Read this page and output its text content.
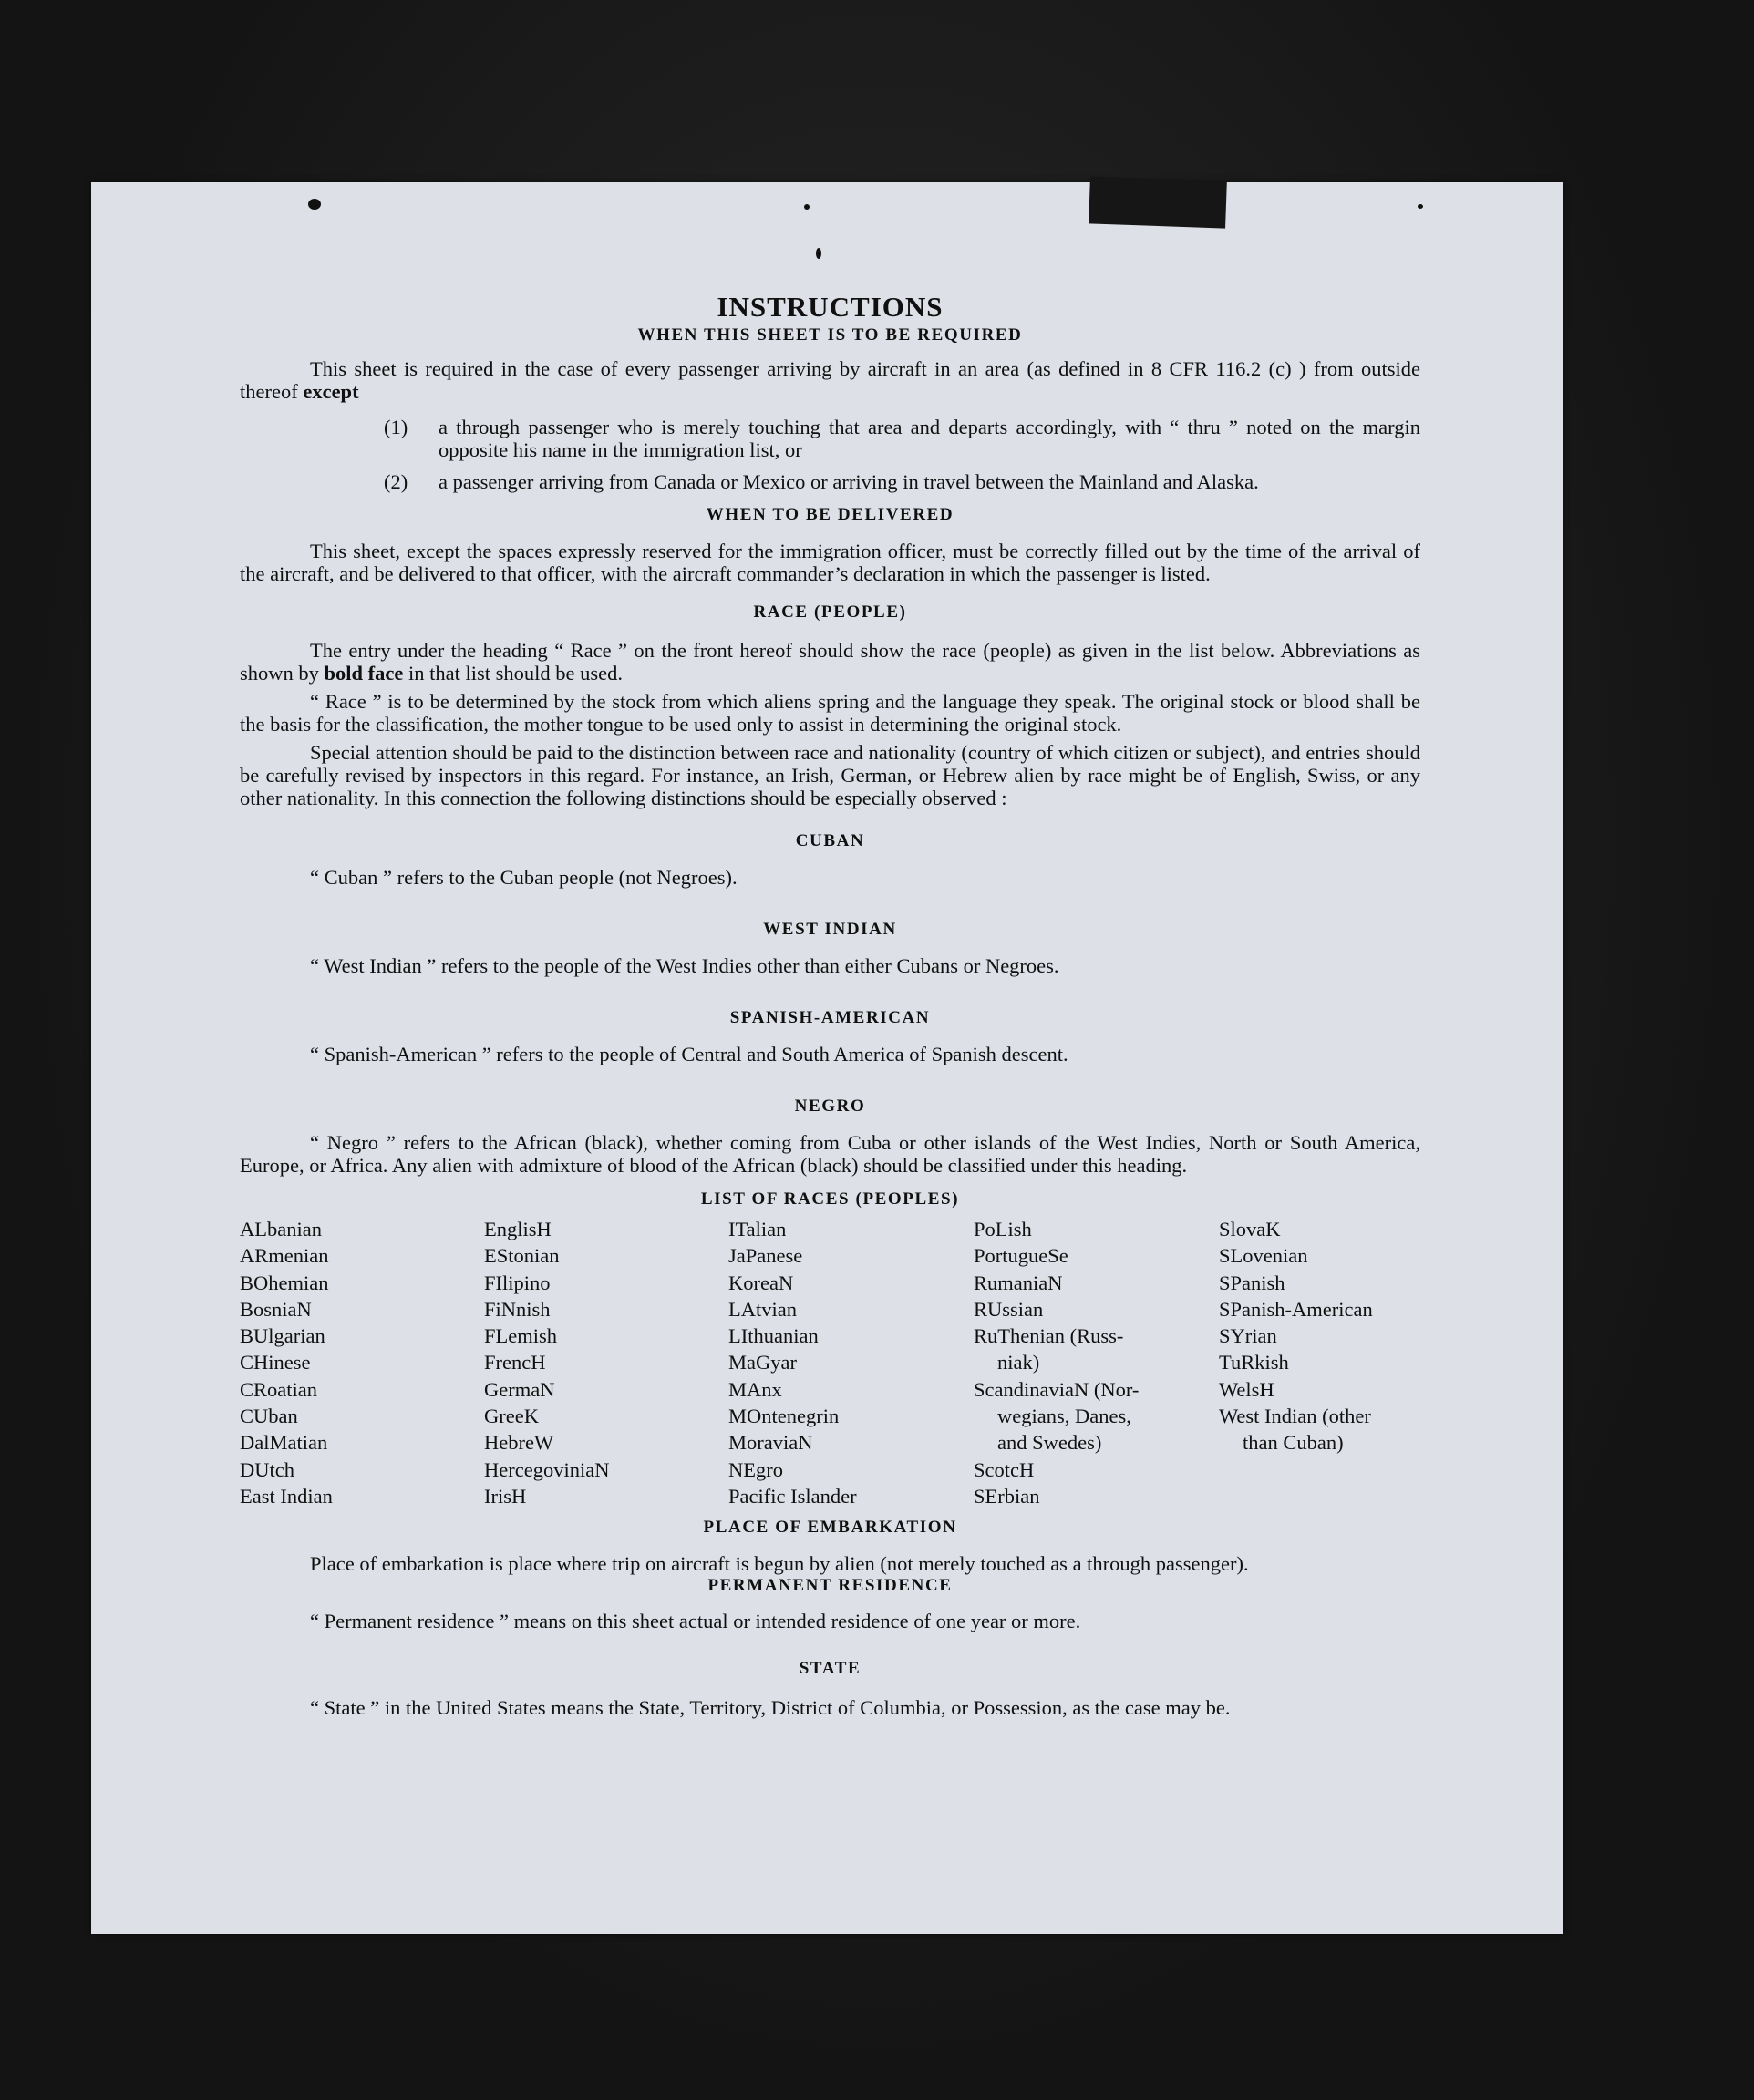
INSTRUCTIONS
WHEN THIS SHEET IS TO BE REQUIRED

This sheet is required in the case of every passenger arriving by aircraft in an area (as defined in 8 CFR 116.2 (c) ) from outside thereof except

(1)	a through passenger who is merely touching that area and departs accordingly, with “ thru ” noted on the margin opposite his name in the immigration list, or

(2)	a passenger arriving from Canada or Mexico or arriving in travel between the Mainland and Alaska.

WHEN TO BE DELIVERED

This sheet, except the spaces expressly reserved for the immigration officer, must be correctly filled out by the time of the arrival of the aircraft, and be delivered to that officer, with the aircraft commander’s declaration in which the passenger is listed.

RACE (PEOPLE)

The entry under the heading “ Race ” on the front hereof should show the race (people) as given in the list below. Abbreviations as shown by bold face in that list should be used.

“ Race ” is to be determined by the stock from which aliens spring and the language they speak. The original stock or blood shall be the basis for the classification, the mother tongue to be used only to assist in determining the original stock.

Special attention should be paid to the distinction between race and nationality (country of which citizen or subject), and entries should be carefully revised by inspectors in this regard. For instance, an Irish, German, or Hebrew alien by race might be of English, Swiss, or any other nationality. In this connection the following distinctions should be especially observed :

CUBAN

“ Cuban ” refers to the Cuban people (not Negroes).

WEST INDIAN

“ West Indian ” refers to the people of the West Indies other than either Cubans or Negroes.

SPANISH-AMERICAN

“ Spanish-American ” refers to the people of Central and South America of Spanish descent.

NEGRO

“ Negro ” refers to the African (black), whether coming from Cuba or other islands of the West Indies, North or South America, Europe, or Africa. Any alien with admixture of blood of the African (black) should be classified under this heading.

LIST OF RACES (PEOPLES)
ALbanian
ARmenian
BOhemian
BosniaN
BUlgarian
CHinese
CRoatian
CUban
DalMatian
DUtch
East Indian
EnglisH
EStonian
FIlipino
FiNnish
FLemish
FrencH
GermaN
GreeK
HebreW
HercegoviniaN
IrisH
ITalian
JaPanese
KoreaN
LAtvian
LIthuanian
MaGyar
MAnx
MOntenegrin
MoraviaN
NEgro
Pacific Islander
PoLish
PortugueSe
RumaniaN
RUssian
RuThenian (Russ-
niak)
ScandinaviaN (Nor-
wegians, Danes,
and Swedes)
ScotcH
SErbian
SlovaK
SLovenian
SPanish
SPanish-American
SYrian
TuRkish
WelsH
West Indian (other
than Cuban)
PLACE OF EMBARKATION

Place of embarkation is place where trip on aircraft is begun by alien (not merely touched as a through passenger).

PERMANENT RESIDENCE

“ Permanent residence ” means on this sheet actual or intended residence of one year or more.

STATE

“ State ” in the United States means the State, Territory, District of Columbia, or Possession, as the case may be.
